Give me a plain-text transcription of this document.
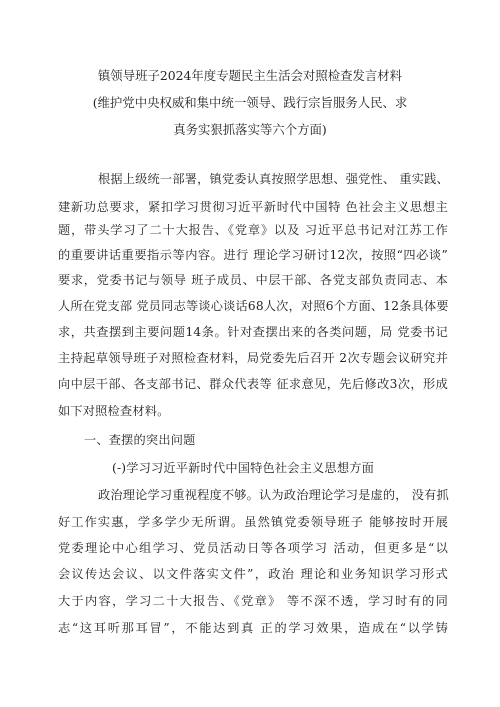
镇领导班子2024年度专题民主生活会对照检查发言材料
(维护党中央权威和集中统一领导、践行宗旨服务人民、求
真务实狠抓落实等六个方面)
根据上级统一部署，镇党委认真按照学思想、强党性、 重实践、
建新功总要求，紧扣学习贯彻习近平新时代中国特 色社会主义思想主
题，带头学习了二十大报告、《党章》以及 习近平总书记对江苏工作
的重要讲话重要指示等内容。进行 理论学习研讨12次，按照“四必谈”
要求，党委书记与领导 班子成员、中层干部、各党支部负责同志、本
人所在党支部 党员同志等谈心谈话68人次，对照6个方面、12条具体要
求，共查摆到主要问题14条。针对查摆出来的各类问题，局 党委书记
主持起草领导班子对照检查材料，局党委先后召开 2次专题会议研究并
向中层干部、各支部书记、群众代表等 征求意见，先后修改3次，形成
如下对照检查材料。
一、查摆的突出问题
(-)学习习近平新时代中国特色社会主义思想方面
政治理论学习重视程度不够。认为政治理论学习是虚的， 没有抓
好工作实惠，学多学少无所谓。虽然镇党委领导班子 能够按时开展
党委理论中心组学习、党员活动日等各项学习 活动，但更多是“以
会议传达会议、以文件落实文件”，政治 理论和业务知识学习形式
大于内容，学习二十大报告、《党章》 等不深不透，学习时有的同
志“这耳听那耳冒”，不能达到真 正的学习效果，造成在“以学铸
